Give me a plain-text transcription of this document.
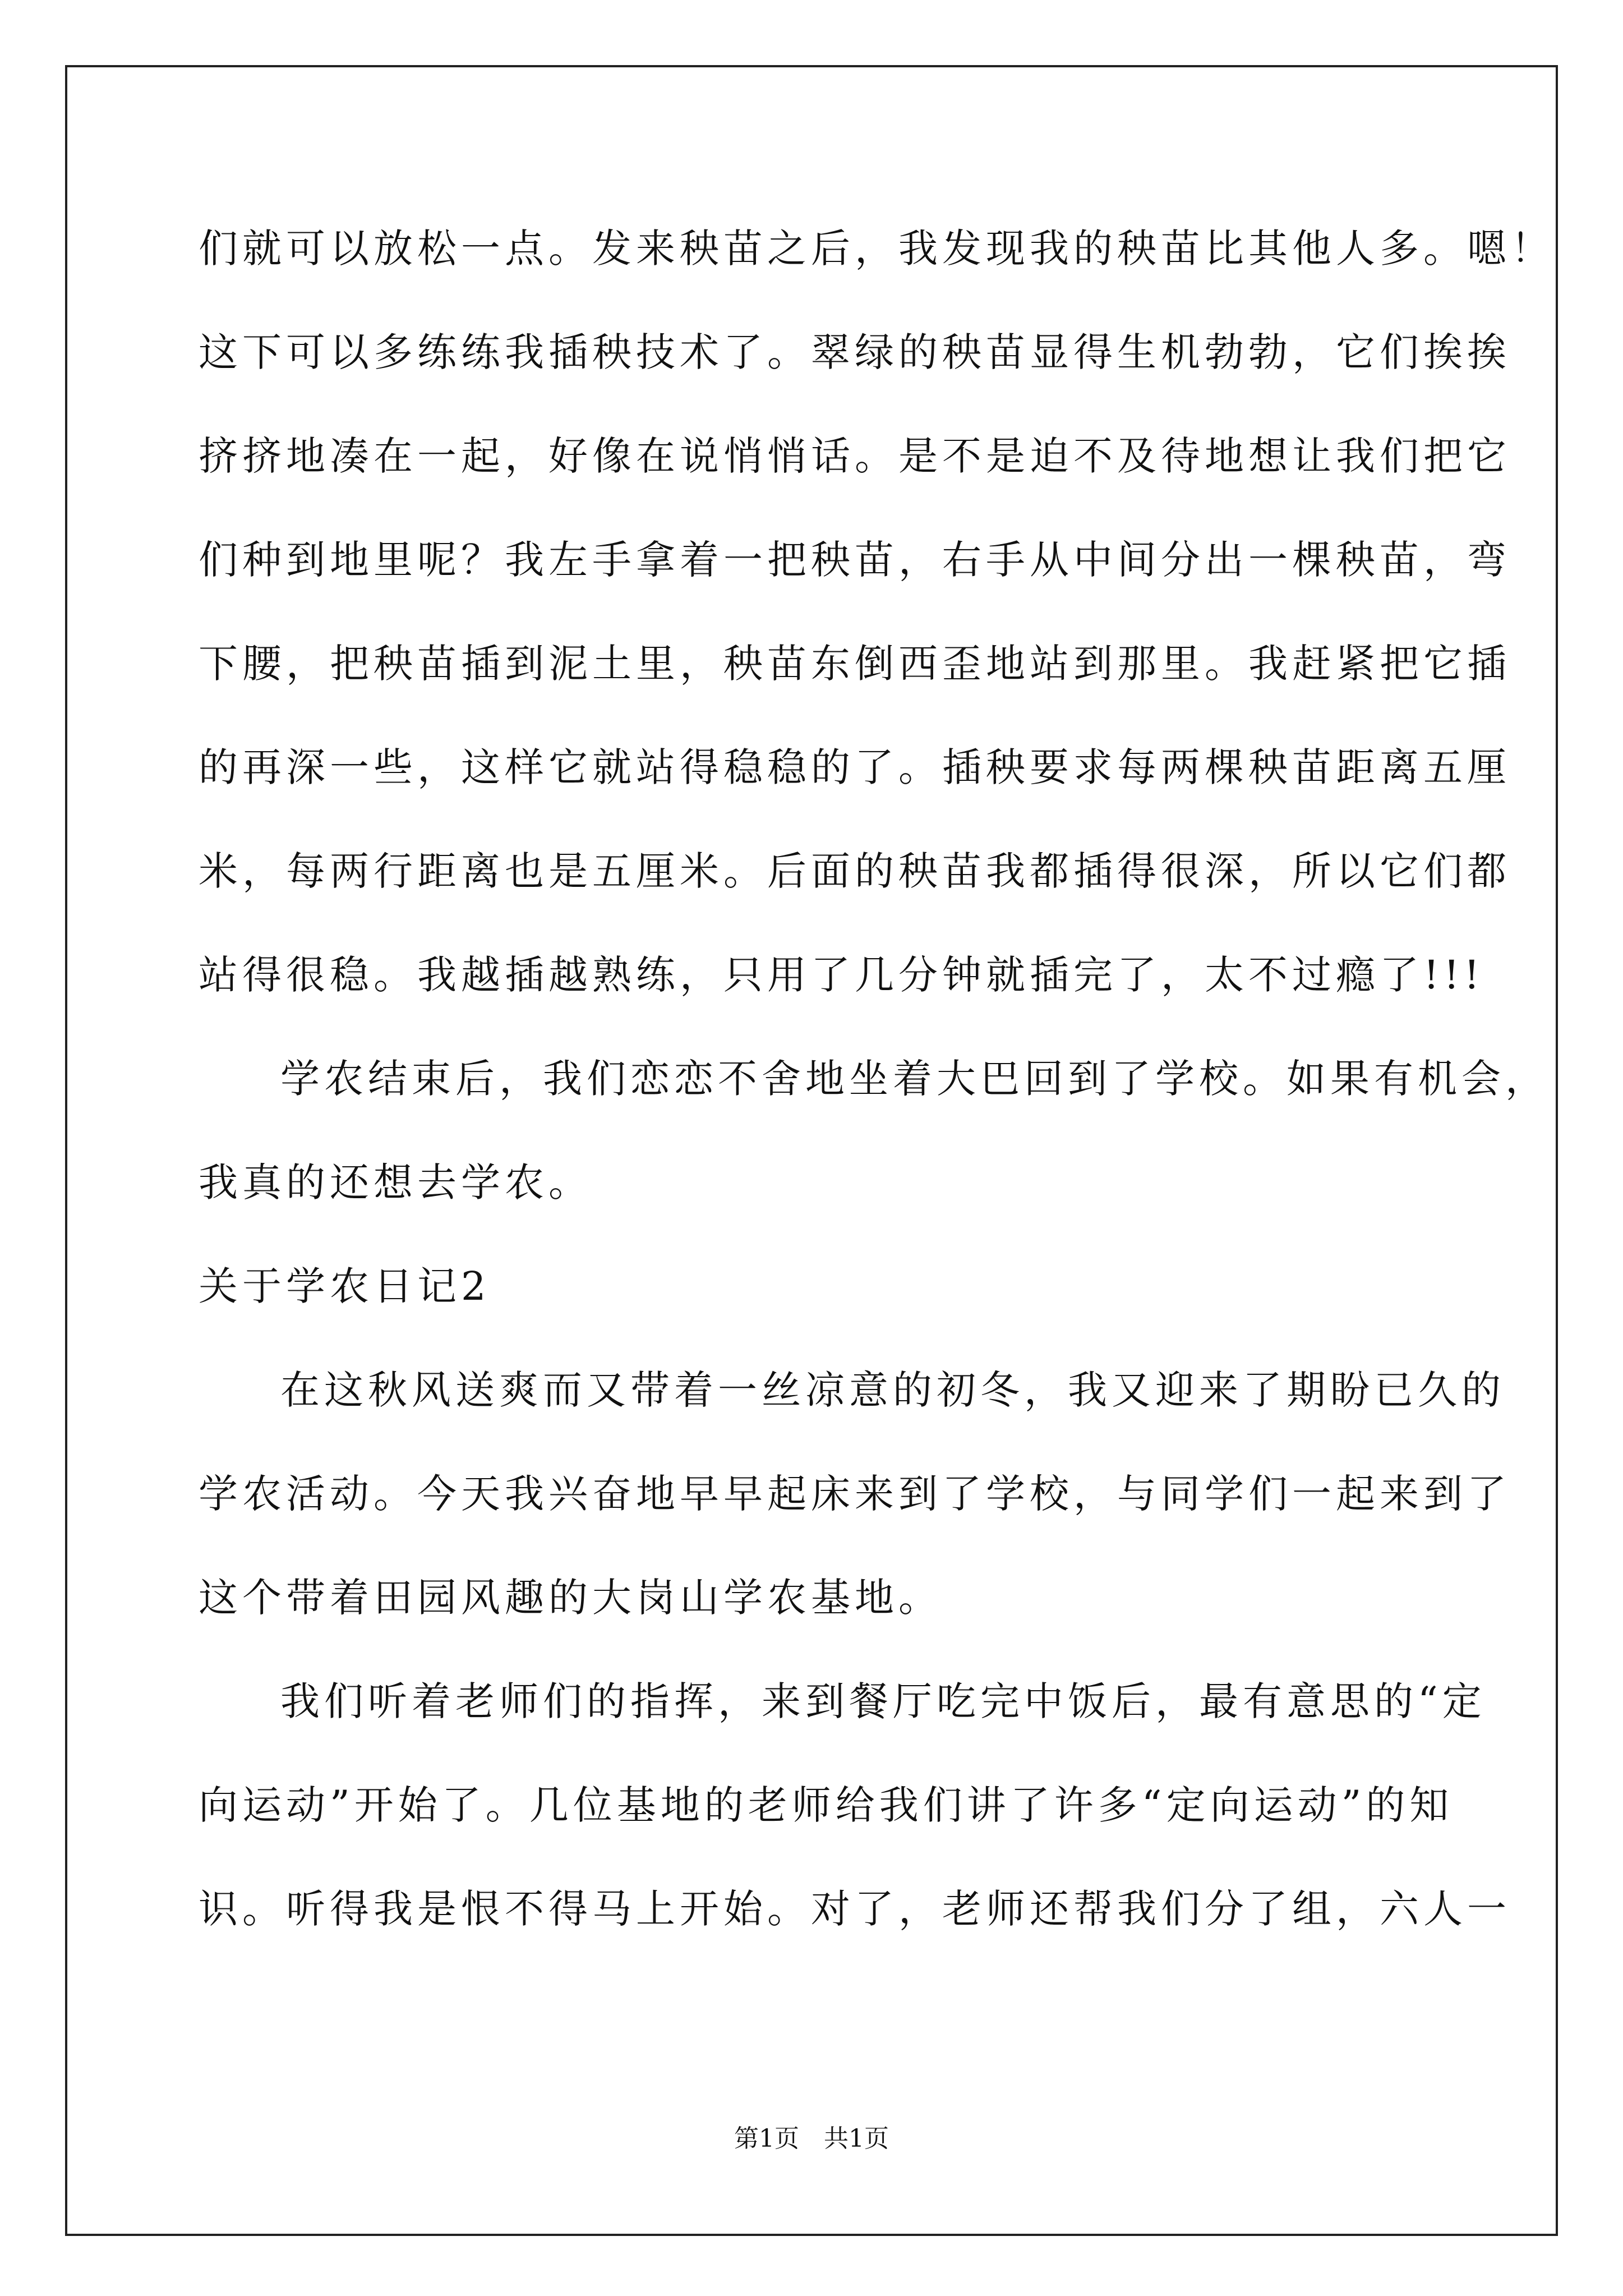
们就可以放松一点。发来秧苗之后，我发现我的秧苗比其他人多。嗯！
这下可以多练练我插秧技术了。翠绿的秧苗显得生机勃勃，它们挨挨
挤挤地凑在一起，好像在说悄悄话。是不是迫不及待地想让我们把它
们种到地里呢？我左手拿着一把秧苗，右手从中间分出一棵秧苗，弯
下腰，把秧苗插到泥土里，秧苗东倒西歪地站到那里。我赶紧把它插
的再深一些，这样它就站得稳稳的了。插秧要求每两棵秧苗距离五厘
米，每两行距离也是五厘米。后面的秧苗我都插得很深，所以它们都
站得很稳。我越插越熟练，只用了几分钟就插完了，太不过瘾了!!!
学农结束后，我们恋恋不舍地坐着大巴回到了学校。如果有机会，
我真的还想去学农。
关于学农日记2
在这秋风送爽而又带着一丝凉意的初冬，我又迎来了期盼已久的
学农活动。今天我兴奋地早早起床来到了学校，与同学们一起来到了
这个带着田园风趣的大岗山学农基地。
我们听着老师们的指挥，来到餐厅吃完中饭后，最有意思的“定
向运动”开始了。几位基地的老师给我们讲了许多“定向运动”的知
识。听得我是恨不得马上开始。对了，老师还帮我们分了组，六人一
第1页　共1页
